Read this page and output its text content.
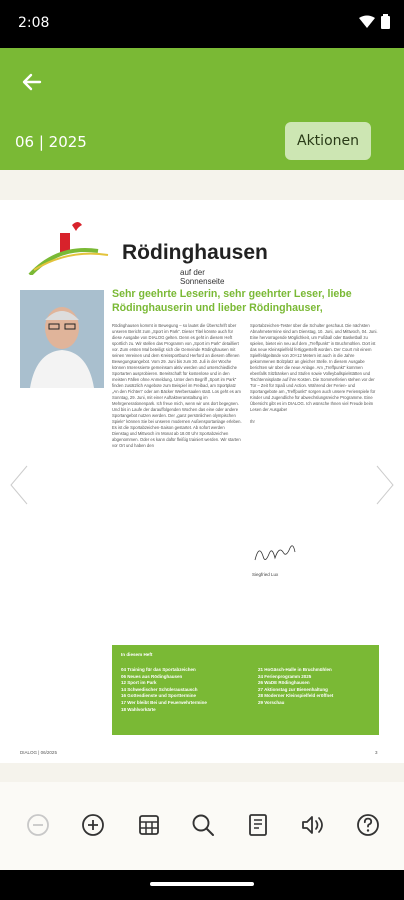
2:08
06 | 2025	Aktionen
Rödinghausen
auf der Sonnenseite
Sehr geehrte Leserin, sehr geehrter Leser, liebe Rödinghauserin und lieber Rödinghauser,
Rödinghausen kommt in Bewegung – so lautet die Überschrift über unseren Bericht zum „Sport im Park“. Dieser Titel könnte auch für diese Ausgabe von DIALOG gelten. Denn es geht in diesem Heft sportlich zu. Wir stellen das Programm von „Sport im Park“ detailliert vor. Zum ersten Mal beteiligt sich die Gemeinde Rödinghausen mit seinen Vereinen und dem Kreissportbund Herford an diesem offenen Bewegungsangebot. Vom 29. Juni bis zum 30. Juli in der Woche können Interessierte gemeinsam aktiv werden und unterschiedliche Sportarten ausprobieren. Bereitschaft für kostenlose und in den meisten Fällen ohne Anmeldung. Unter dem Begriff „Sport im Park“ finden zusätzlich Angebote zum Beispiel im Freibad, am Sportplatz „An den Fichten“ oder am Bäcker Werbersaalen statt. Los geht es am Sonntag, 29. Juni, mit einer Auftaktveranstaltung im Mehrgenerationenpark. Ich freue mich, wenn wir uns dort begegnen. Und bis in Laufe der darauffolgenden Wochen das eine oder andere Sportangebot nutzen werden. Der „ganz persönlichen olympischen Spiele“ können Sie bei unseren modernen Außensportanlage erleben. Es ist die Sportabzeichen-Saison gestartet. Ab sofort werden Dienstag und Mittwoch im Monat ab 18.00 Uhr Sportabzeichen abgenommen. Oder es kann dafür fleißig trainiert werden. Wir starten vor Ort und haben den
Sportabzeichen-Tester über die Schulter geschaut. Die nächsten Abnahmetermine sind am Dienstag, 10. Juni, und Mittwoch, 04. Juni. Eine hervorragende Möglichkeit, um Fußball oder Basketball zu spielen, bietet ein neu auf dem „Treffpunkt“ in Bruchmühlen. Dort ist das neue Kleinspielfeld fertiggestellt worden. Der Court mit einem Spielfeldgelände von 20×12 Metern ist auch in die Jahre gekommenen Bolzplatz an gleicher Stelle. In diesem Ausgabe berichten wir über die neue Anlage. Am „Treffpunkt“ kommen ebenfalls Sitzbänken und Stufen sowie Volleyballspielstätten und Tischtennisplatte auf ihre Kosten. Die Sommerferien stehen vor der Tür – Zeit für Spaß und Action. Während der Ferien- und Sportangebote am „Treffpunkt“ sorgen auch unsere Ferienspiele für Kinder und Jugendliche für abwechslungsreiche Programme. Eine Übersicht gibt es im DIALOG. Ich wünsche Ihnen viel Freude beim Lesen der Ausgabe!

Ihr
Siegfried Lux
In diesem Heft
04 Training für das Sportabzeichen
06 Neues aus Rödinghausen
12 Sport im Park
14 Schwedischer Schüleraustausch
16 Gottesdienste und Sporttermine
17 Wer bleibt Bei und Feuerwehrtermine
18 Wahlvorkärte
21 HoGäsch-Halle in Bruchmühlen
24 Ferienprogramm 2025
26 WaDE Rödinghausen
27 Aktionstag zur Bienenhaltung
28 Moderner Kleinspielfeld eröffnet
29 Vorschau
DIALOG | 06/2025	3
